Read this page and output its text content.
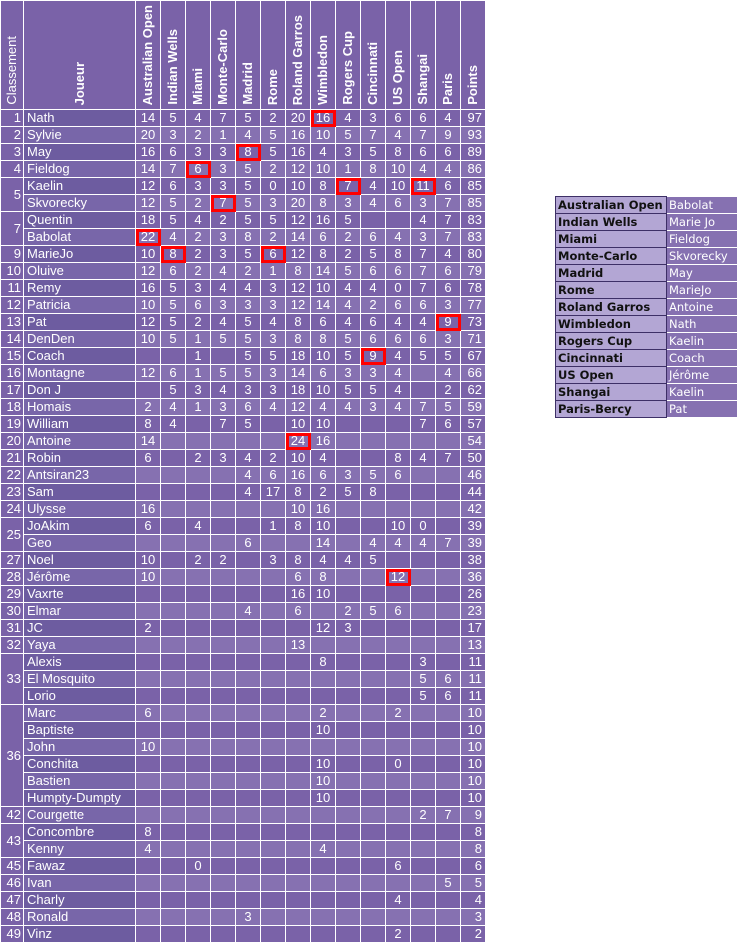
Classement	Joueur	Australian Open	Indian Wells	Miami	Monte-Carlo	Madrid	Rome	Roland Garros	Wimbledon	Rogers Cup	Cincinnati	US Open	Shangai	Paris	Points
1	Nath	14	5	4	7	5	2	20	16	4	3	6	6	4	97
2	Sylvie	20	3	2	1	4	5	16	10	5	7	4	7	9	93
3	May	16	6	3	3	8	5	16	4	3	5	8	6	6	89
4	Fieldog	14	7	6	3	5	2	12	10	1	8	10	4	4	86
5	Kaelin	12	6	3	3	5	0	10	8	7	4	10	11	6	85
	Skvorecky	12	5	2	7	5	3	20	8	3	4	6	3	7	85
7	Quentin	18	5	4	2	5	5	12	16	5			4	7	83
	Babolat	22	4	2	3	8	2	14	6	2	6	4	3	7	83
9	MarieJo	10	8	2	3	5	6	12	8	2	5	8	7	4	80
10	Oluive	12	6	2	4	2	1	8	14	5	6	6	7	6	79
11	Remy	16	5	3	4	4	3	12	10	4	4	0	7	6	78
12	Patricia	10	5	6	3	3	3	12	14	4	2	6	6	3	77
13	Pat	12	5	2	4	5	4	8	6	4	6	4	4	9	73
14	DenDen	10	5	1	5	5	3	8	8	5	6	6	6	3	71
15	Coach			1		5	5	18	10	5	9	4	5	5	67
16	Montagne	12	6	1	5	5	3	14	6	3	3	4		4	66
17	Don J		5	3	4	3	3	18	10	5	5	4		2	62
18	Homais	2	4	1	3	6	4	12	4	4	3	4	7	5	59
19	William	8	4		7	5		10	10				7	6	57
20	Antoine	14						24	16						54
21	Robin	6		2	3	4	2	10	4			8	4	7	50
22	Antsiran23					4	6	16	6	3	5	6			46
23	Sam					4	17	8	2	5	8				44
24	Ulysse	16						10	16						42
25	JoAkim	6		4			1	8	10			10	0		39
	Geo					6			14		4	4	4	7	39
27	Noel	10		2	2		3	8	4	4	5				38
28	Jérôme	10						6	8			12			36
29	Vaxrte							16	10						26
30	Elmar					4		6		2	5	6			23
31	JC	2							12	3					17
32	Yaya							13							13
33	Alexis								8				3		11
	El Mosquito												5	6	11
	Lorio												5	6	11
36	Marc	6							2			2			10
	Baptiste								10						10
	John	10													10
	Conchita								10			0			10
	Bastien								10						10
	Humpty-Dumpty								10						10
42	Courgette												2	7	9
43	Concombre	8													8
	Kenny	4							4						8
45	Fawaz			0								6			6
46	Ivan													5	5
47	Charly											4			4
48	Ronald					3									3
49	Vinz											2			2
Australian Open	Babolat
Indian Wells	Marie Jo
Miami	Fieldog
Monte-Carlo	Skvorecky
Madrid	May
Rome	MarieJo
Roland Garros	Antoine
Wimbledon	Nath
Rogers Cup	Kaelin
Cincinnati	Coach
US Open	Jérôme
Shangai	Kaelin
Paris-Bercy	Pat
